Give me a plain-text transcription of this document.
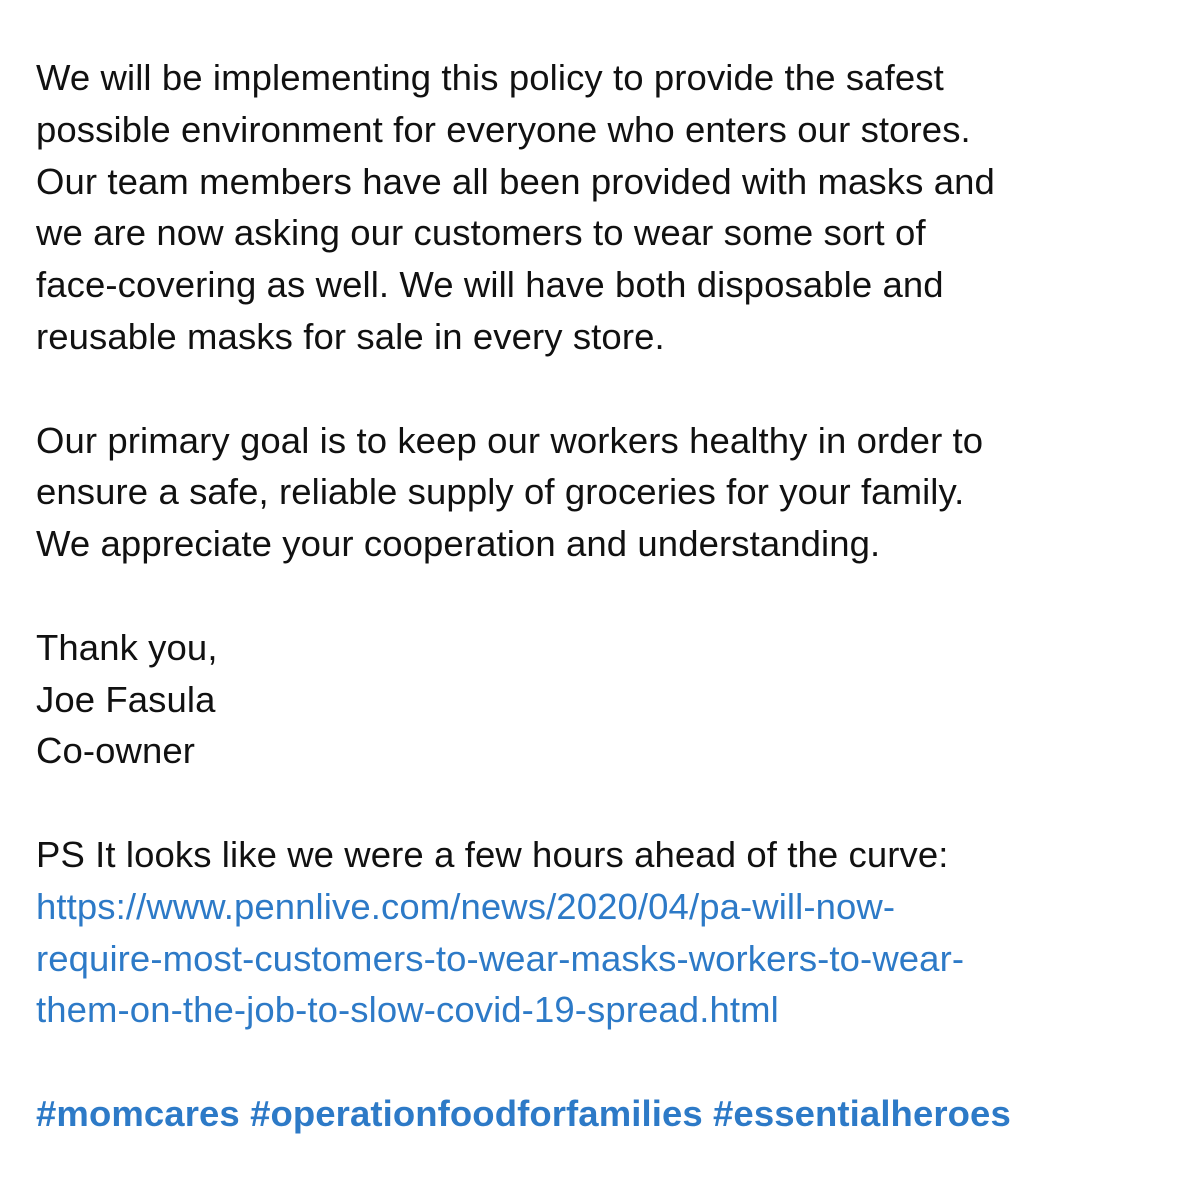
We will be implementing this policy to provide the safest
possible environment for everyone who enters our stores.
Our team members have all been provided with masks and
we are now asking our customers to wear some sort of
face-covering as well. We will have both disposable and
reusable masks for sale in every store.
Our primary goal is to keep our workers healthy in order to
ensure a safe, reliable supply of groceries for your family.
We appreciate your cooperation and understanding.
Thank you,
Joe Fasula
Co-owner
PS It looks like we were a few hours ahead of the curve:
https://www.pennlive.com/news/2020/04/pa-will-now-
require-most-customers-to-wear-masks-workers-to-wear-
them-on-the-job-to-slow-covid-19-spread.html
#momcares #operationfoodforfamilies #essentialheroes
